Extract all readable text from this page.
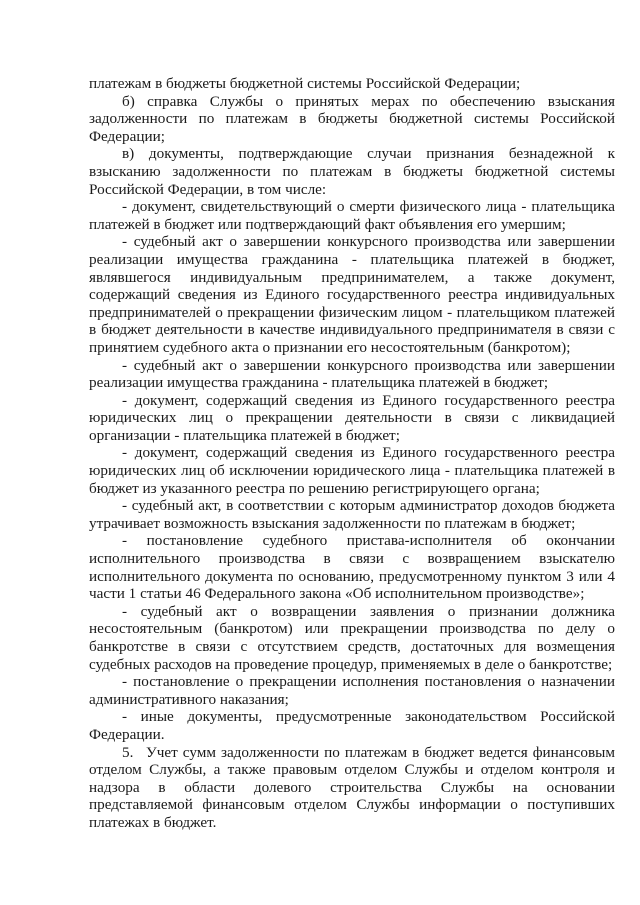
платежам в бюджеты бюджетной системы Российской Федерации;

б) справка Службы о принятых мерах по обеспечению взыскания задолженности по платежам в бюджеты бюджетной системы Российской Федерации;

в) документы, подтверждающие случаи признания безнадежной к взысканию задолженности по платежам в бюджеты бюджетной системы Российской Федерации, в том числе:

- документ, свидетельствующий о смерти физического лица - плательщика платежей в бюджет или подтверждающий факт объявления его умершим;

- судебный акт о завершении конкурсного производства или завершении реализации имущества гражданина - плательщика платежей в бюджет, являвшегося индивидуальным предпринимателем, а также документ, содержащий сведения из Единого государственного реестра индивидуальных предпринимателей о прекращении физическим лицом - плательщиком платежей в бюджет деятельности в качестве индивидуального предпринимателя в связи с принятием судебного акта о признании его несостоятельным (банкротом);

- судебный акт о завершении конкурсного производства или завершении реализации имущества гражданина - плательщика платежей в бюджет;

- документ, содержащий сведения из Единого государственного реестра юридических лиц о прекращении деятельности в связи с ликвидацией организации - плательщика платежей в бюджет;

- документ, содержащий сведения из Единого государственного реестра юридических лиц об исключении юридического лица - плательщика платежей в бюджет из указанного реестра по решению регистрирующего органа;

- судебный акт, в соответствии с которым администратор доходов бюджета утрачивает возможность взыскания задолженности по платежам в бюджет;

- постановление судебного пристава-исполнителя об окончании исполнительного производства в связи с возвращением взыскателю исполнительного документа по основанию, предусмотренному пунктом 3 или 4 части 1 статьи 46 Федерального закона «Об исполнительном производстве»;

- судебный акт о возвращении заявления о признании должника несостоятельным (банкротом) или прекращении производства по делу о банкротстве в связи с отсутствием средств, достаточных для возмещения судебных расходов на проведение процедур, применяемых в деле о банкротстве;

- постановление о прекращении исполнения постановления о назначении административного наказания;

- иные документы, предусмотренные законодательством Российской Федерации.

5. Учет сумм задолженности по платежам в бюджет ведется финансовым отделом Службы, а также правовым отделом Службы и отделом контроля и надзора в области долевого строительства Службы на основании представляемой финансовым отделом Службы информации о поступивших платежах в бюджет.
